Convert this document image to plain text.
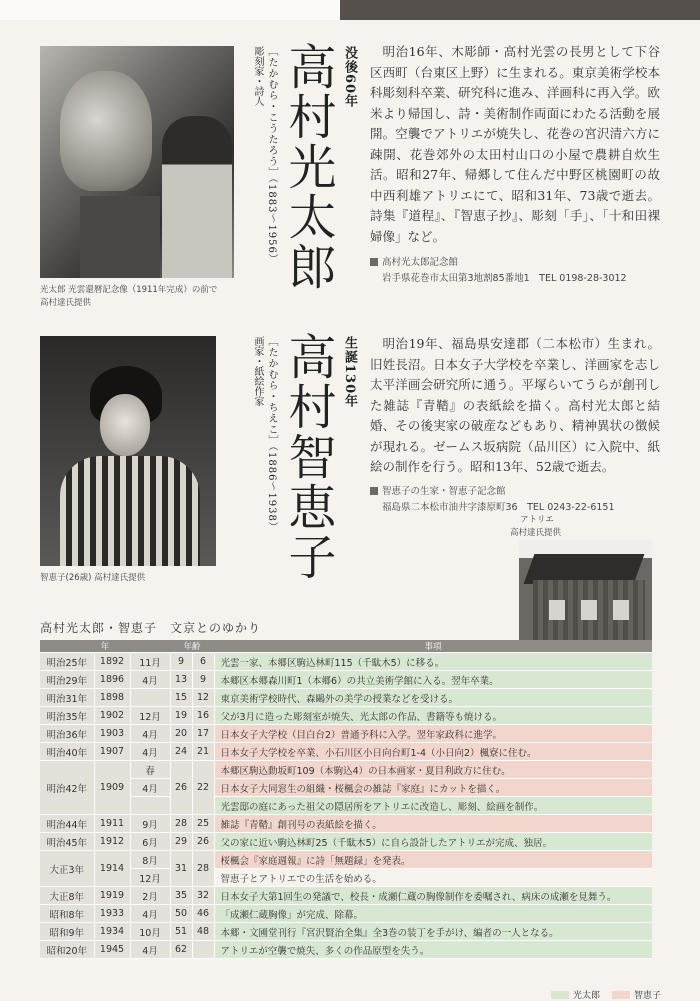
光太郎 光雲還暦記念像（1911年完成）の前で
高村達氏提供
彫刻家・詩人 ［たかむら・こうたろう］（1883〜1956） 高村光太郎 没後60年	明治16年、木彫師・高村光雲の長男として下谷区西町（台東区上野）に生まれる。東京美術学校本科彫刻科卒業、研究科に進み、洋画科に再入学。欧米より帰国し、詩・美術制作両面にわたる活動を展開。空襲でアトリエが焼失し、花巻の宮沢清六方に疎開、花巻郊外の太田村山口の小屋で農耕自炊生活。昭和27年、帰郷して住んだ中野区桃園町の故中西利雄アトリエにて、昭和31年、73歳で逝去。詩集『道程』、『智恵子抄』、彫刻「手」、「十和田裸婦像」など。
高村光太郎記念館
岩手県花巻市太田第3地割85番地1　TEL 0198-28-3012
智恵子(26歳) 高村達氏提供
画家・紙絵作家 ［たかむら・ちえこ］（1886〜1938） 高村智恵子 生誕130年	明治19年、福島県安達郡（二本松市）生まれ。旧姓長沼。日本女子大学校を卒業し、洋画家を志し太平洋画会研究所に通う。平塚らいてうらが創刊した雑誌『青鞜』の表紙絵を描く。高村光太郎と結婚、その後実家の破産などもあり、精神異状の徴候が現れる。ゼームス坂病院（品川区）に入院中、紙絵の制作を行う。昭和13年、52歳で逝去。
智恵子の生家・智恵子記念館
福島県二本松市油井字漆原町36　TEL 0243-22-6151
アトリエ
高村達氏提供
高村光太郎・智恵子　文京とのゆかり
年			年齢		事項
明治25年	1892	11月	9	6	光雲一家、本郷区駒込林町115（千駄木5）に移る。
明治29年	1896	4月	13	9	本郷区本郷森川町1（本郷6）の共立美術学館に入る。翌年卒業。
明治31年	1898		15	12	東京美術学校時代、森鷗外の美学の授業などを受ける。
明治35年	1902	12月	19	16	父が3月に造った彫刻室が焼失、光太郎の作品、書籍等も焼ける。
明治36年	1903	4月	20	17	日本女子大学校（目白台2）普通予科に入学。翌年家政科に進学。
明治40年	1907	4月	24	21	日本女子大学校を卒業、小石川区小日向台町1-4（小日向2）楓寮に住む。
明治42年	1909	春	26	22	本郷区駒込動坂町109（本駒込4）の日本画家・夏目利政方に住む。
		4月			日本女子大同窓生の組織・桜楓会の雑誌『家庭』にカットを描く。
					光雲邸の庭にあった祖父の隠居所をアトリエに改造し、彫刻、絵画を制作。
明治44年	1911	9月	28	25	雑誌『青鞜』創刊号の表紙絵を描く。
明治45年	1912	6月	29	26	父の家に近い駒込林町25（千駄木5）に自ら設計したアトリエが完成、独居。
大正3年	1914	8月	31	28	桜楓会『家庭週報』に詩「無題録」を発表。
		12月			智恵子とアトリエでの生活を始める。
大正8年	1919	2月	35	32	日本女子大第1回生の発議で、校長・成瀬仁蔵の胸像制作を委嘱され、病床の成瀬を見舞う。
昭和8年	1933	4月	50	46	「成瀬仁蔵胸像」が完成、除幕。
昭和9年	1934	10月	51	48	本郷・文圃堂刊行『宮沢賢治全集』全3巻の装丁を手がけ、編者の一人となる。
昭和20年	1945	4月	62		アトリエが空襲で焼失、多くの作品原型を失う。
光太郎	智恵子
